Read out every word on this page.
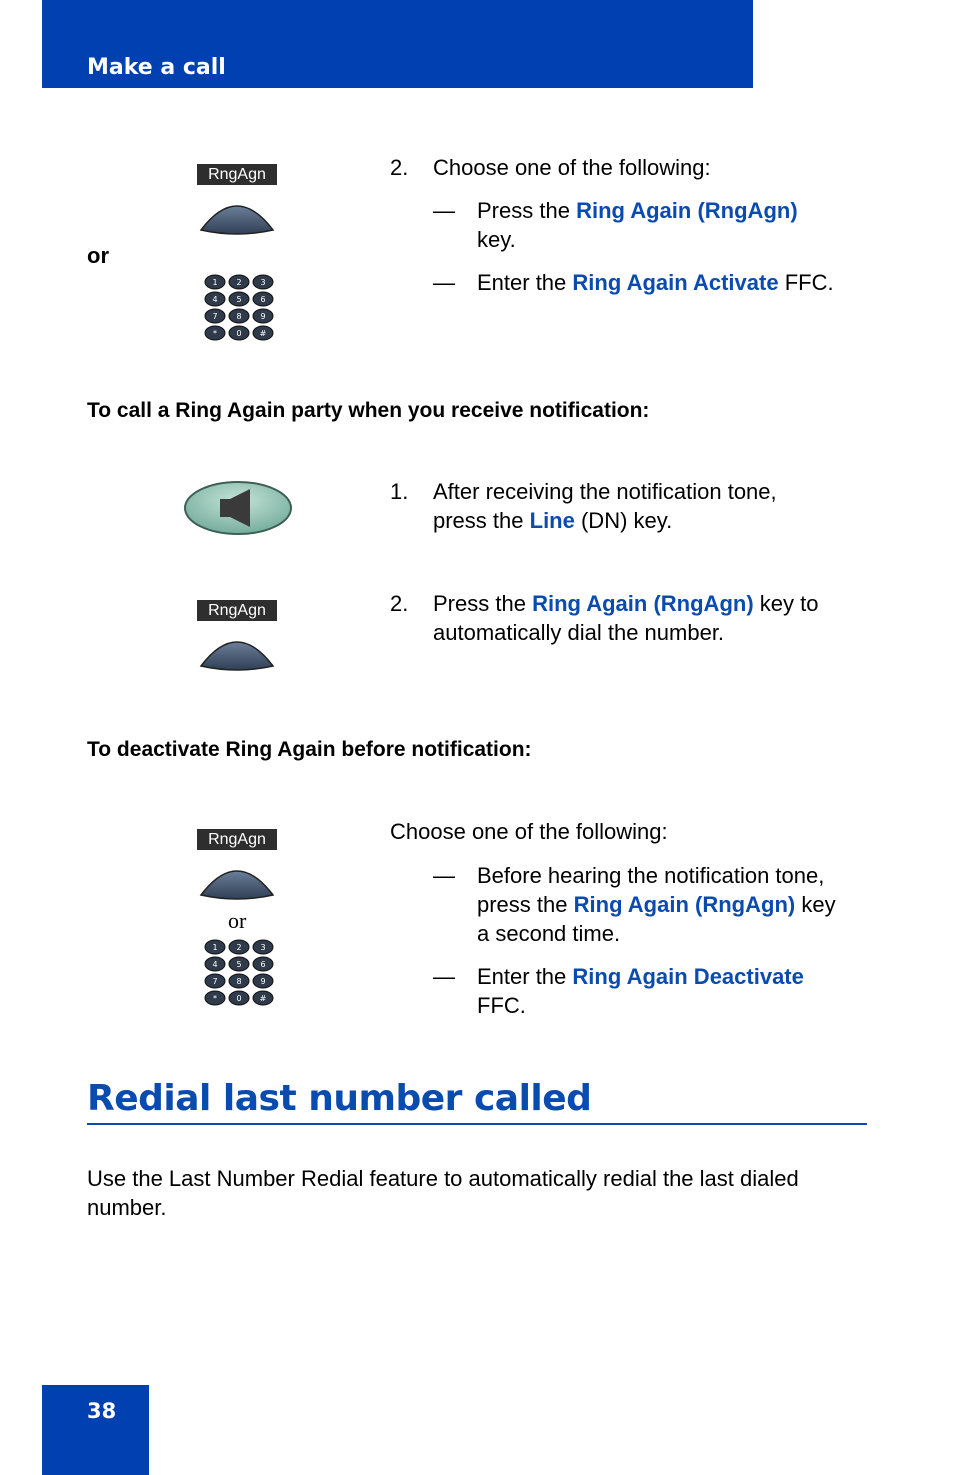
Make a call
RngAgn
or
1 2 3
4 5 6
7 8 9
* 0 #
2. Choose one of the following:
— Press the Ring Again (RngAgn)
key.
— Enter the Ring Again Activate FFC.
To call a Ring Again party when you receive notification:
1. After receiving the notification tone,
press the Line (DN) key.
RngAgn	2. Press the Ring Again (RngAgn) key to
automatically dial the number.
To deactivate Ring Again before notification:
RngAgn
or
1 2 3
4 5 6
7 8 9
* 0 #
Choose one of the following:
— Before hearing the notification tone,
press the Ring Again (RngAgn) key
a second time.
— Enter the Ring Again Deactivate
FFC.
Redial last number called
Use the Last Number Redial feature to automatically redial the last dialed
number.
38
